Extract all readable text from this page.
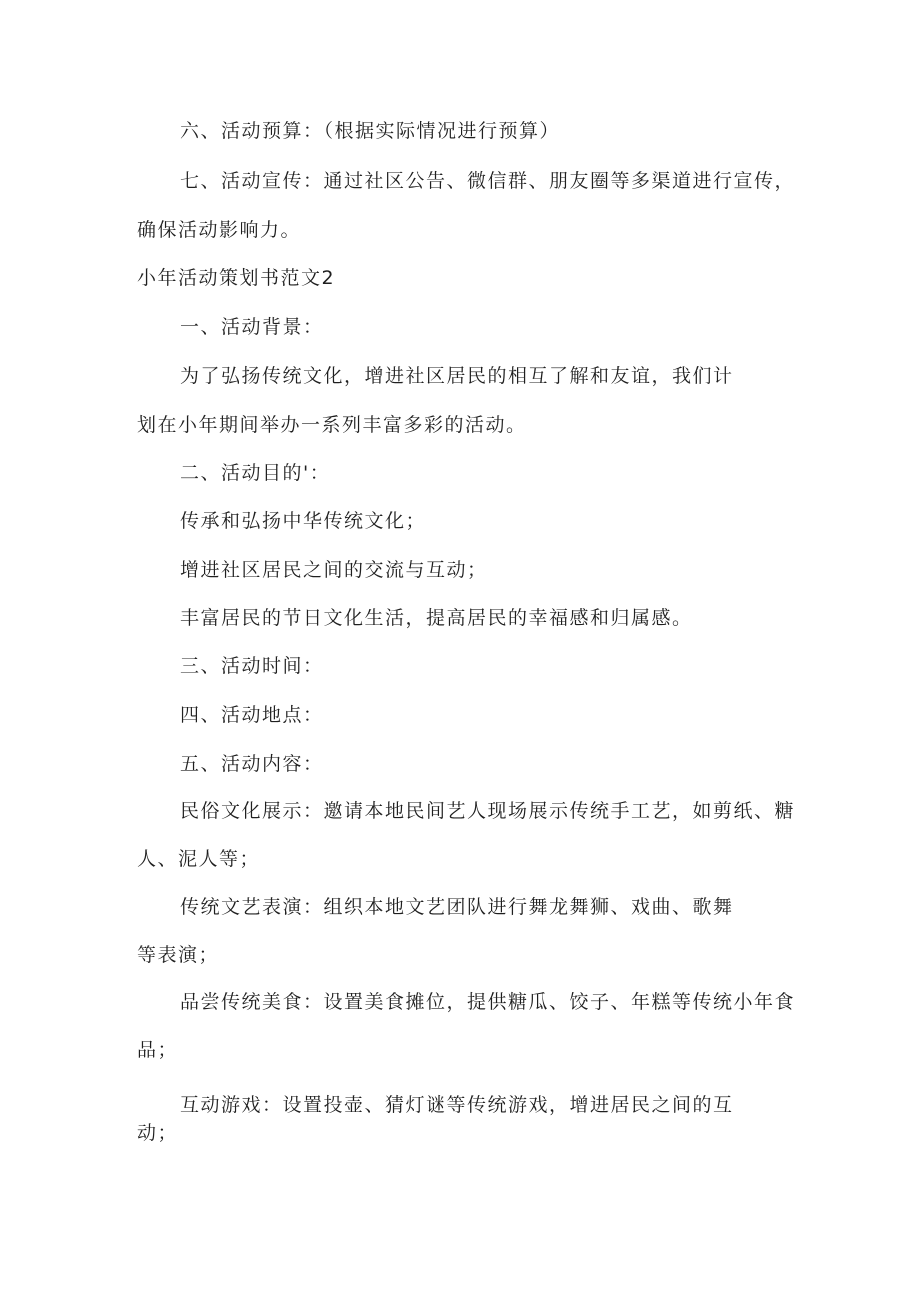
六、活动预算：（根据实际情况进行预算）
七、活动宣传：通过社区公告、微信群、朋友圈等多渠道进行宣传，
确保活动影响力。
小年活动策划书范文2
一、活动背景：
为了弘扬传统文化，增进社区居民的相互了解和友谊，我们计
划在小年期间举办一系列丰富多彩的活动。
二、活动目的'：
传承和弘扬中华传统文化；
增进社区居民之间的交流与互动；
丰富居民的节日文化生活，提高居民的幸福感和归属感。
三、活动时间：
四、活动地点：
五、活动内容：
民俗文化展示：邀请本地民间艺人现场展示传统手工艺，如剪纸、糖
人、泥人等；
传统文艺表演：组织本地文艺团队进行舞龙舞狮、戏曲、歌舞
等表演；
品尝传统美食：设置美食摊位，提供糖瓜、饺子、年糕等传统小年食
品；
互动游戏：设置投壶、猜灯谜等传统游戏，增进居民之间的互
动；
